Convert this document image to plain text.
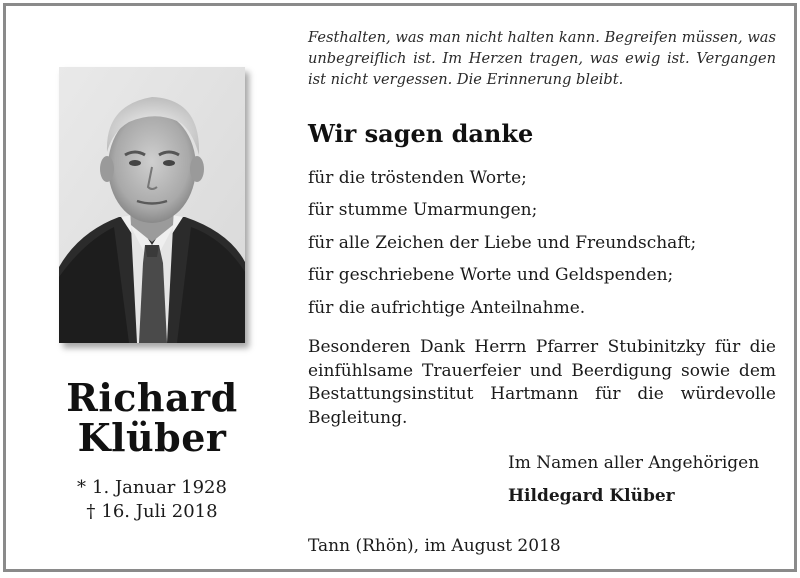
Richard
Klüber
* 1. Januar 1928
† 16. Juli 2018
Festhalten, was man nicht halten kann. Begreifen müssen, was unbegreiflich ist. Im Herzen tragen, was ewig ist. Vergangen ist nicht vergessen. Die Erinnerung bleibt.
Wir sagen danke
für die tröstenden Worte;
für stumme Umarmungen;
für alle Zeichen der Liebe und Freundschaft;
für geschriebene Worte und Geldspenden;
für die aufrichtige Anteilnahme.
Besonderen Dank Herrn Pfarrer Stubinitzky für die einfühlsame Trauerfeier und Beerdigung sowie dem Bestattungsinstitut Hartmann für die würdevolle Begleitung.
Im Namen aller Angehörigen
Hildegard Klüber
Tann (Rhön), im August 2018
